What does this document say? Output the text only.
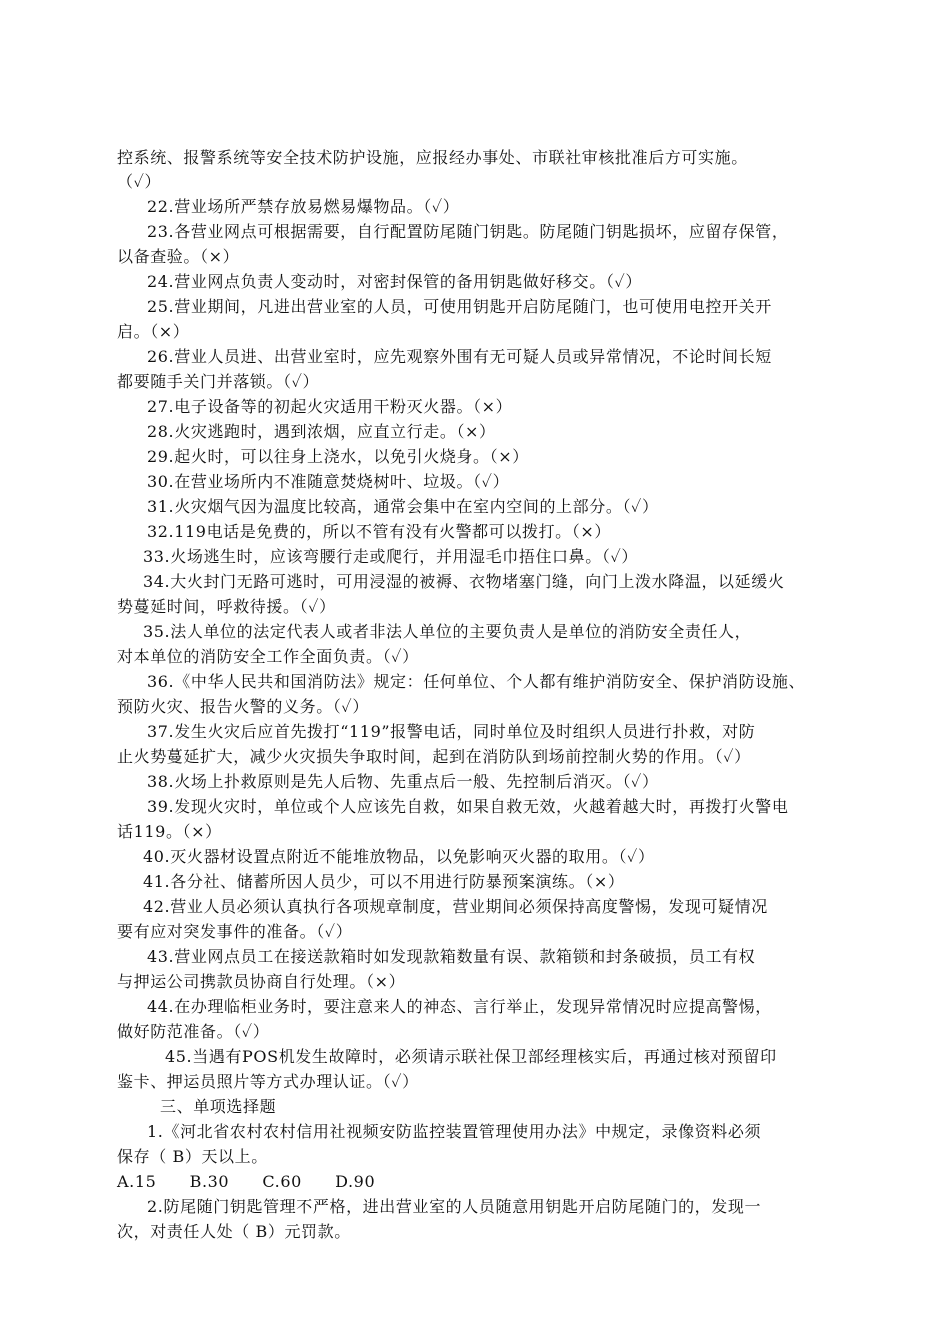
控系统、报警系统等安全技术防护设施，应报经办事处、市联社审核批准后方可实施。
（✓）
22.营业场所严禁存放易燃易爆物品。（✓）
23.各营业网点可根据需要，自行配置防尾随门钥匙。防尾随门钥匙损坏，应留存保管，
以备查验。（×）
24.营业网点负责人变动时，对密封保管的备用钥匙做好移交。（✓）
25.营业期间，凡进出营业室的人员，可使用钥匙开启防尾随门，也可使用电控开关开
启。（×）
26.营业人员进、出营业室时，应先观察外围有无可疑人员或异常情况，不论时间长短
都要随手关门并落锁。（✓）
27.电子设备等的初起火灾适用干粉灭火器。（×）
28.火灾逃跑时，遇到浓烟，应直立行走。（×）
29.起火时，可以往身上浇水，以免引火烧身。（×）
30.在营业场所内不准随意焚烧树叶、垃圾。（✓）
31.火灾烟气因为温度比较高，通常会集中在室内空间的上部分。（✓）
32.119电话是免费的，所以不管有没有火警都可以拨打。（×）
33.火场逃生时，应该弯腰行走或爬行，并用湿毛巾捂住口鼻。（✓）
34.大火封门无路可逃时，可用浸湿的被褥、衣物堵塞门缝，向门上泼水降温，以延缓火
势蔓延时间，呼救待援。（✓）
35.法人单位的法定代表人或者非法人单位的主要负责人是单位的消防安全责任人，
对本单位的消防安全工作全面负责。（✓）
36.《中华人民共和国消防法》规定：任何单位、个人都有维护消防安全、保护消防设施、
预防火灾、报告火警的义务。（✓）
37.发生火灾后应首先拨打“119”报警电话，同时单位及时组织人员进行扑救，对防
止火势蔓延扩大，减少火灾损失争取时间，起到在消防队到场前控制火势的作用。（✓）
38.火场上扑救原则是先人后物、先重点后一般、先控制后消灭。（✓）
39.发现火灾时，单位或个人应该先自救，如果自救无效，火越着越大时，再拨打火警电
话119。（×）
40.灭火器材设置点附近不能堆放物品，以免影响灭火器的取用。（✓）
41.各分社、储蓄所因人员少，可以不用进行防暴预案演练。（×）
42.营业人员必须认真执行各项规章制度，营业期间必须保持高度警惕，发现可疑情况
要有应对突发事件的准备。（✓）
43.营业网点员工在接送款箱时如发现款箱数量有误、款箱锁和封条破损，员工有权
与押运公司携款员协商自行处理。（×）
44.在办理临柜业务时，要注意来人的神态、言行举止，发现异常情况时应提高警惕，
做好防范准备。（✓）
45.当遇有POS机发生故障时，必须请示联社保卫部经理核实后，再通过核对预留印
鉴卡、押运员照片等方式办理认证。（✓）
三、单项选择题
1.《河北省农村农村信用社视频安防监控装置管理使用办法》中规定，录像资料必须
保存（ B）天以上。
A.15　　B.30　　C.60　　D.90
2.防尾随门钥匙管理不严格，进出营业室的人员随意用钥匙开启防尾随门的，发现一
次，对责任人处（ B）元罚款。
